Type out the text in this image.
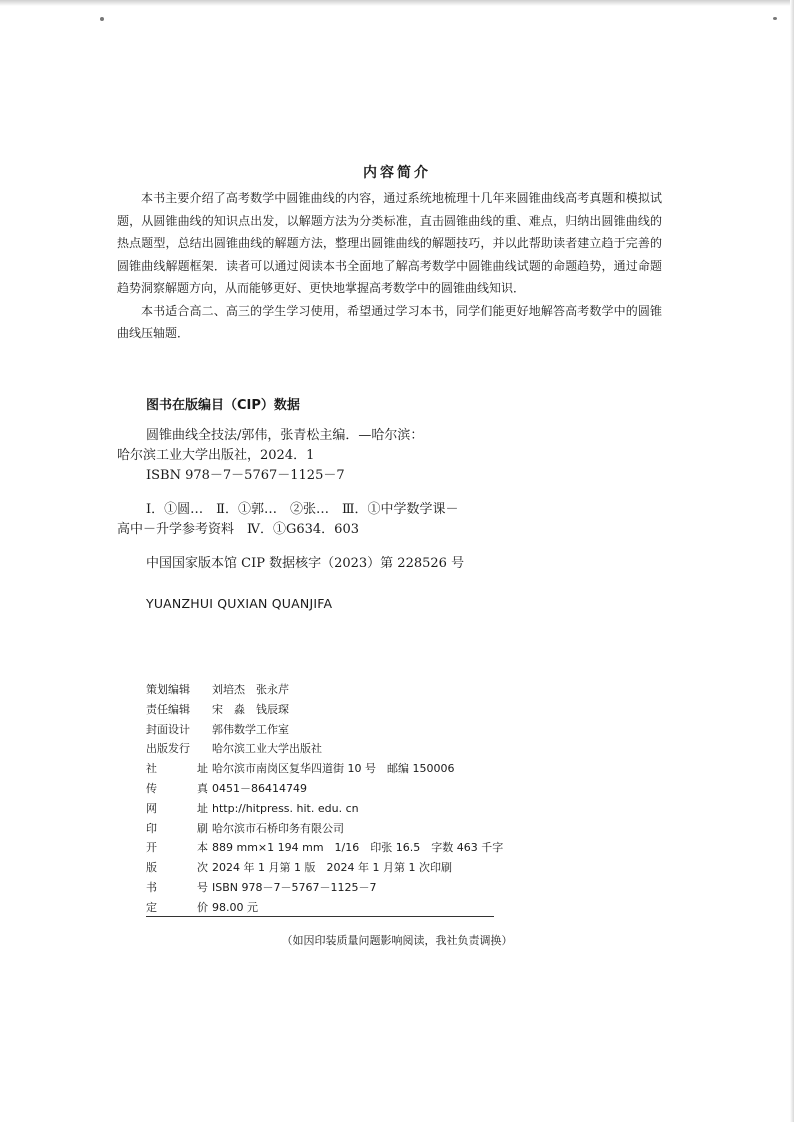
内容简介

本书主要介绍了高考数学中圆锥曲线的内容，通过系统地梳理十几年来圆锥曲线高考真题和模拟试题，从圆锥曲线的知识点出发，以解题方法为分类标准，直击圆锥曲线的重、难点，归纳出圆锥曲线的热点题型，总结出圆锥曲线的解题方法，整理出圆锥曲线的解题技巧，并以此帮助读者建立趋于完善的圆锥曲线解题框架．读者可以通过阅读本书全面地了解高考数学中圆锥曲线试题的命题趋势，通过命题趋势洞察解题方向，从而能够更好、更快地掌握高考数学中的圆锥曲线知识．

本书适合高二、高三的学生学习使用，希望通过学习本书，同学们能更好地解答高考数学中的圆锥曲线压轴题．

图书在版编目（CIP）数据
圆锥曲线全技法/郭伟，张青松主编．—哈尔滨：
哈尔滨工业大学出版社，2024．1
ISBN 978－7－5767－1125－7
Ⅰ．①圆…　Ⅱ．①郭…　②张…　Ⅲ．①中学数学课－
高中－升学参考资料　Ⅳ．①G634．603
中国国家版本馆 CIP 数据核字（2023）第 228526 号
YUANZHUI QUXIAN QUANJIFA
策划编辑	刘培杰　张永芹
责任编辑	宋　淼　钱辰琛
封面设计	郭伟数学工作室
出版发行	哈尔滨工业大学出版社
社	址 哈尔滨市南岗区复华四道街 10 号　邮编 150006
传	真 0451－86414749
网	址 http://hitpress. hit. edu. cn
印	刷 哈尔滨市石桥印务有限公司
开	本 889 mm×1 194 mm　1/16　印张 16.5　字数 463 千字
版	次 2024 年 1 月第 1 版　2024 年 1 月第 1 次印刷
书	号 ISBN 978－7－5767－1125－7
定	价 98.00 元
（如因印装质量问题影响阅读，我社负责调换）
